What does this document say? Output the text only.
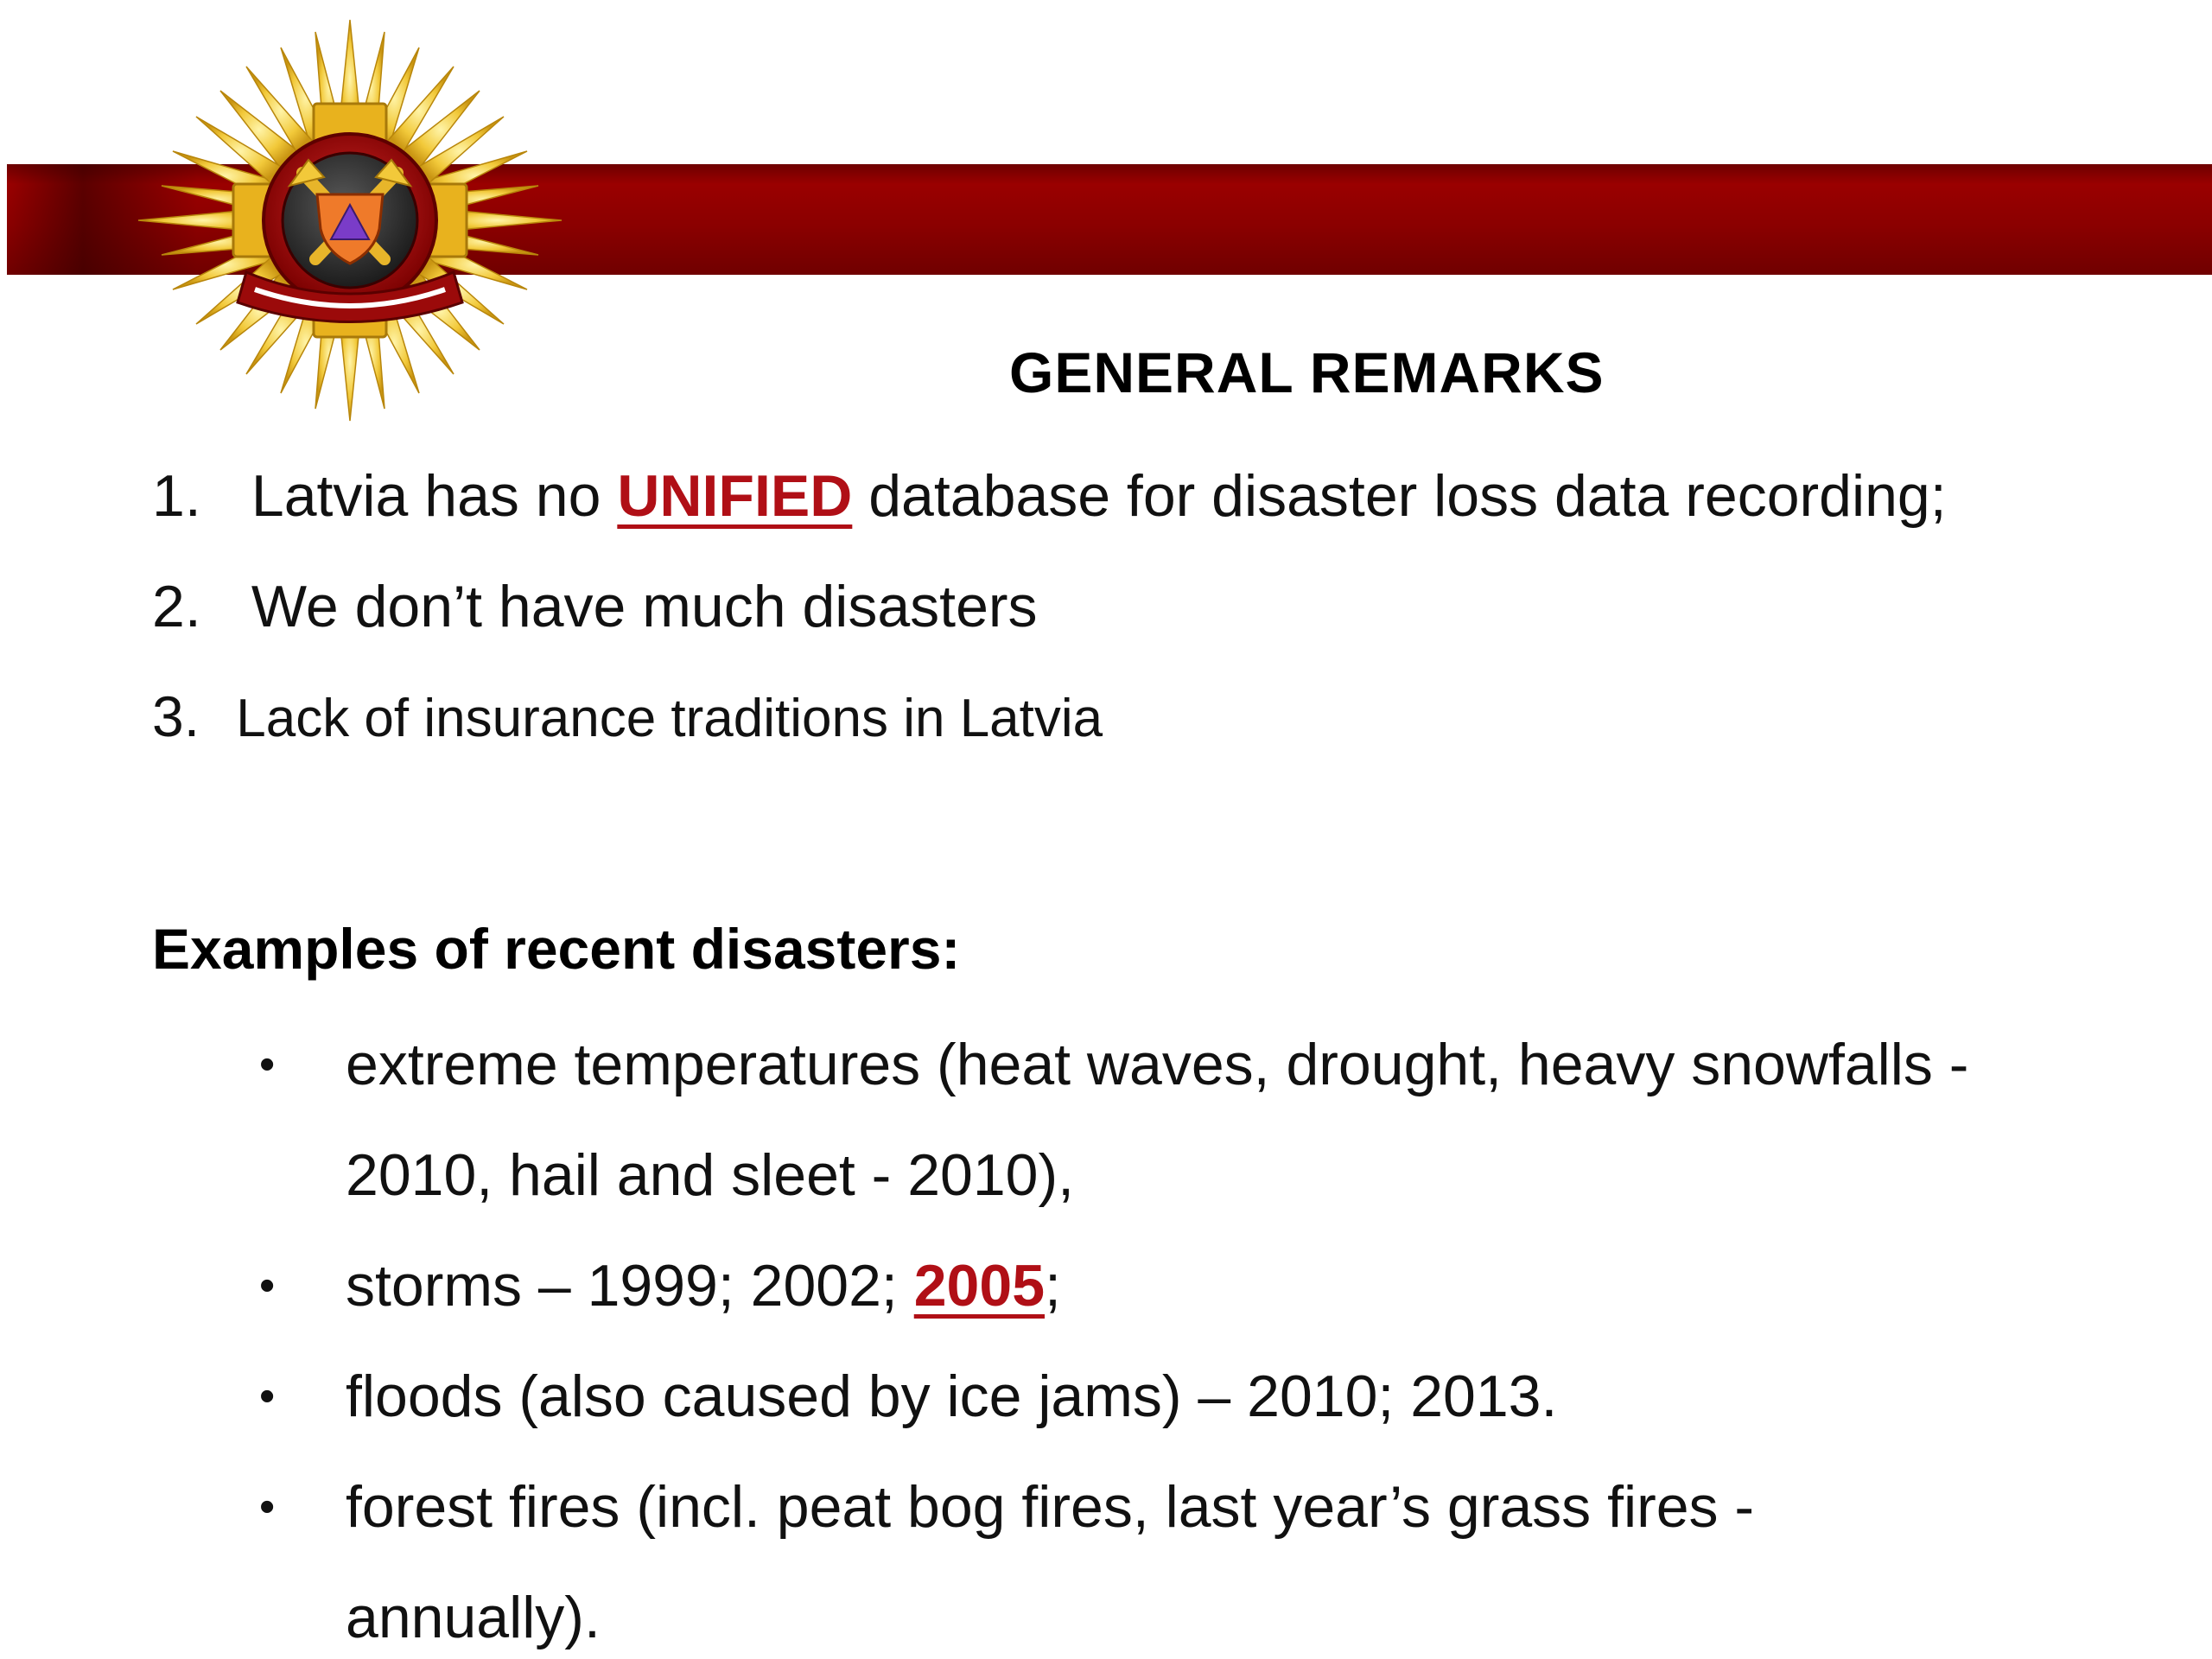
GENERAL REMARKS
1. Latvia has no UNIFIED database for disaster loss data recording;
2. We don’t have much disasters
3. Lack of insurance traditions in Latvia
Examples of recent disasters:
•	extreme temperatures (heat waves, drought, heavy snowfalls -
2010, hail and sleet - 2010),
•	storms – 1999; 2002; 2005;
•	floods (also caused by ice jams) – 2010; 2013.
•	forest fires (incl. peat bog fires, last year’s grass fires -
annually).
